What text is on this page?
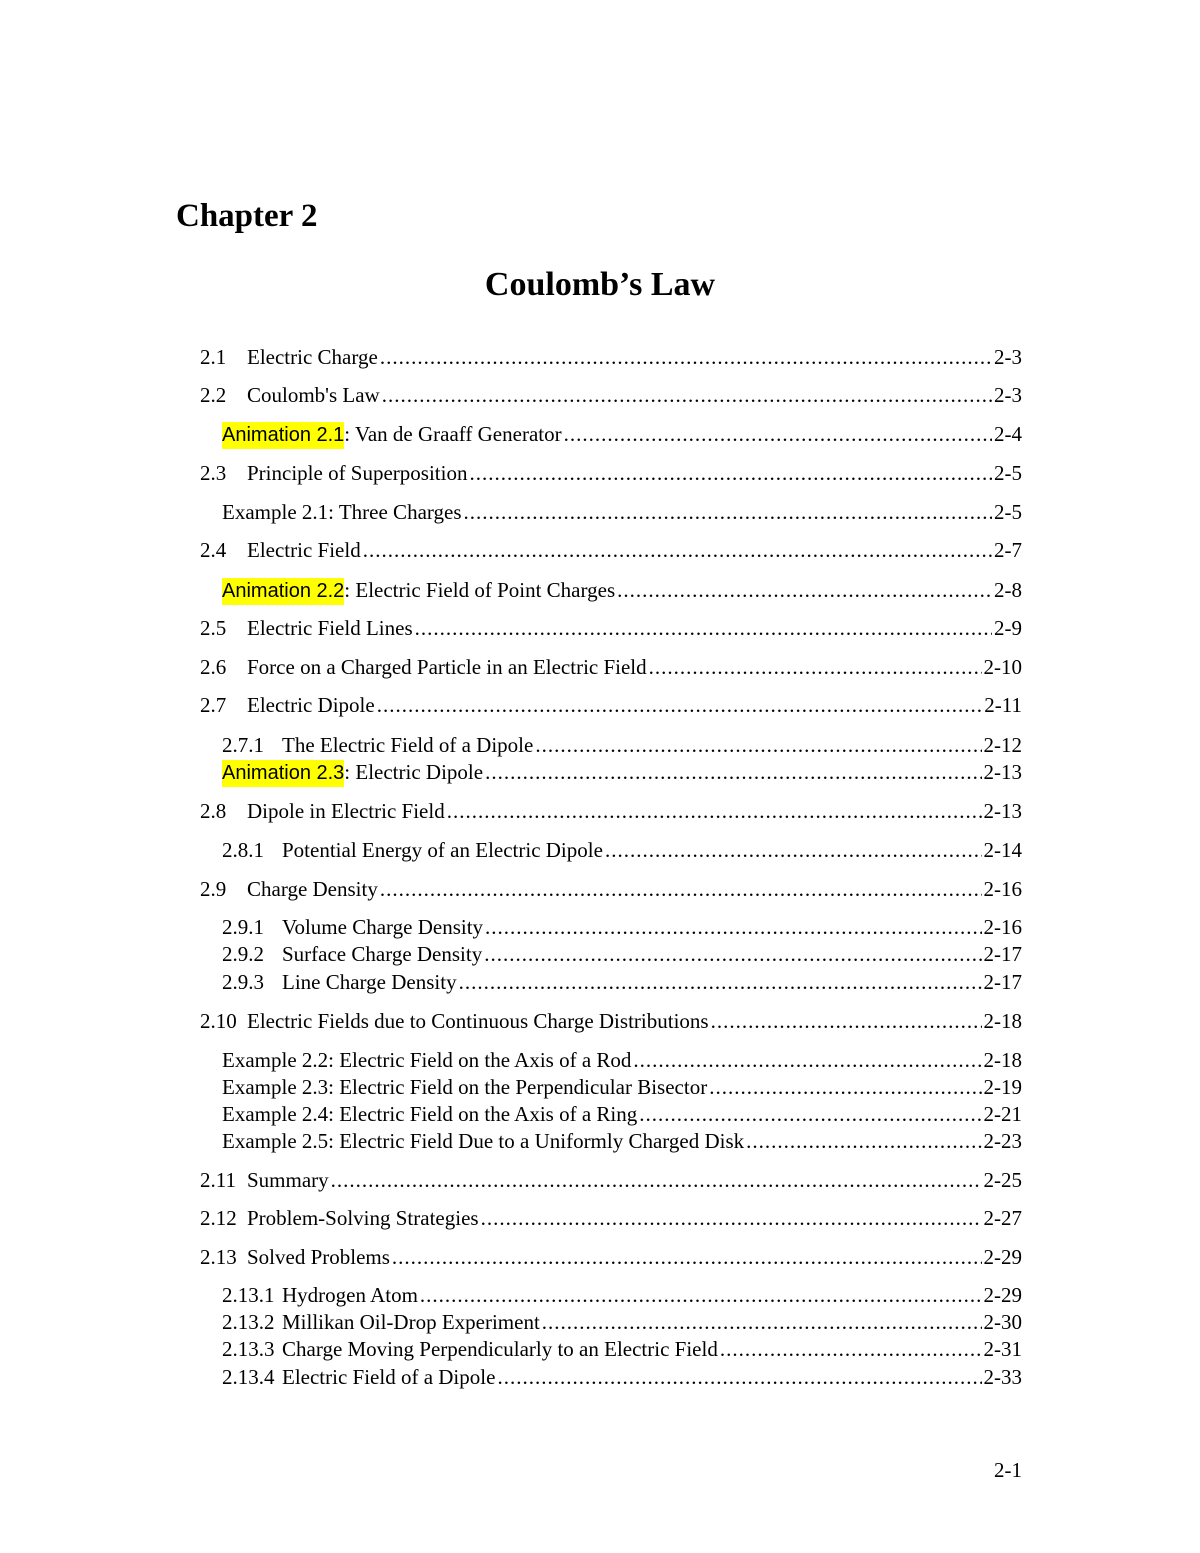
Chapter 2
Coulomb’s Law
2.1 Electric Charge .....	2-3
2.2 Coulomb's Law .....	2-3
Animation 2.1 : Van de Graaff Generator .....	2-4
2.3 Principle of Superposition .....	2-5
Example 2.1: Three Charges .....	2-5
2.4 Electric Field .....	2-7
Animation 2.2 : Electric Field of Point Charges .....	2-8
2.5 Electric Field Lines .....	2-9
2.6 Force on a Charged Particle in an Electric Field .....	2-10
2.7 Electric Dipole .....	2-11
2.7.1 The Electric Field of a Dipole .....	2-12
Animation 2.3 : Electric Dipole .....	2-13
2.8 Dipole in Electric Field .....	2-13
2.8.1 Potential Energy of an Electric Dipole .....	2-14
2.9 Charge Density .....	2-16
2.9.1 Volume Charge Density .....	2-16
2.9.2 Surface Charge Density .....	2-17
2.9.3 Line Charge Density .....	2-17
2.10 Electric Fields due to Continuous Charge Distributions .....	2-18
Example 2.2: Electric Field on the Axis of a Rod .....	2-18
Example 2.3: Electric Field on the Perpendicular Bisector .....	2-19
Example 2.4: Electric Field on the Axis of a Ring .....	2-21
Example 2.5: Electric Field Due to a Uniformly Charged Disk .....	2-23
2.11 Summary .....	2-25
2.12 Problem-Solving Strategies .....	2-27
2.13 Solved Problems .....	2-29
2.13.1 Hydrogen Atom .....	2-29
2.13.2 Millikan Oil-Drop Experiment .....	2-30
2.13.3 Charge Moving Perpendicularly to an Electric Field .....	2-31
2.13.4 Electric Field of a Dipole .....	2-33
2-1
